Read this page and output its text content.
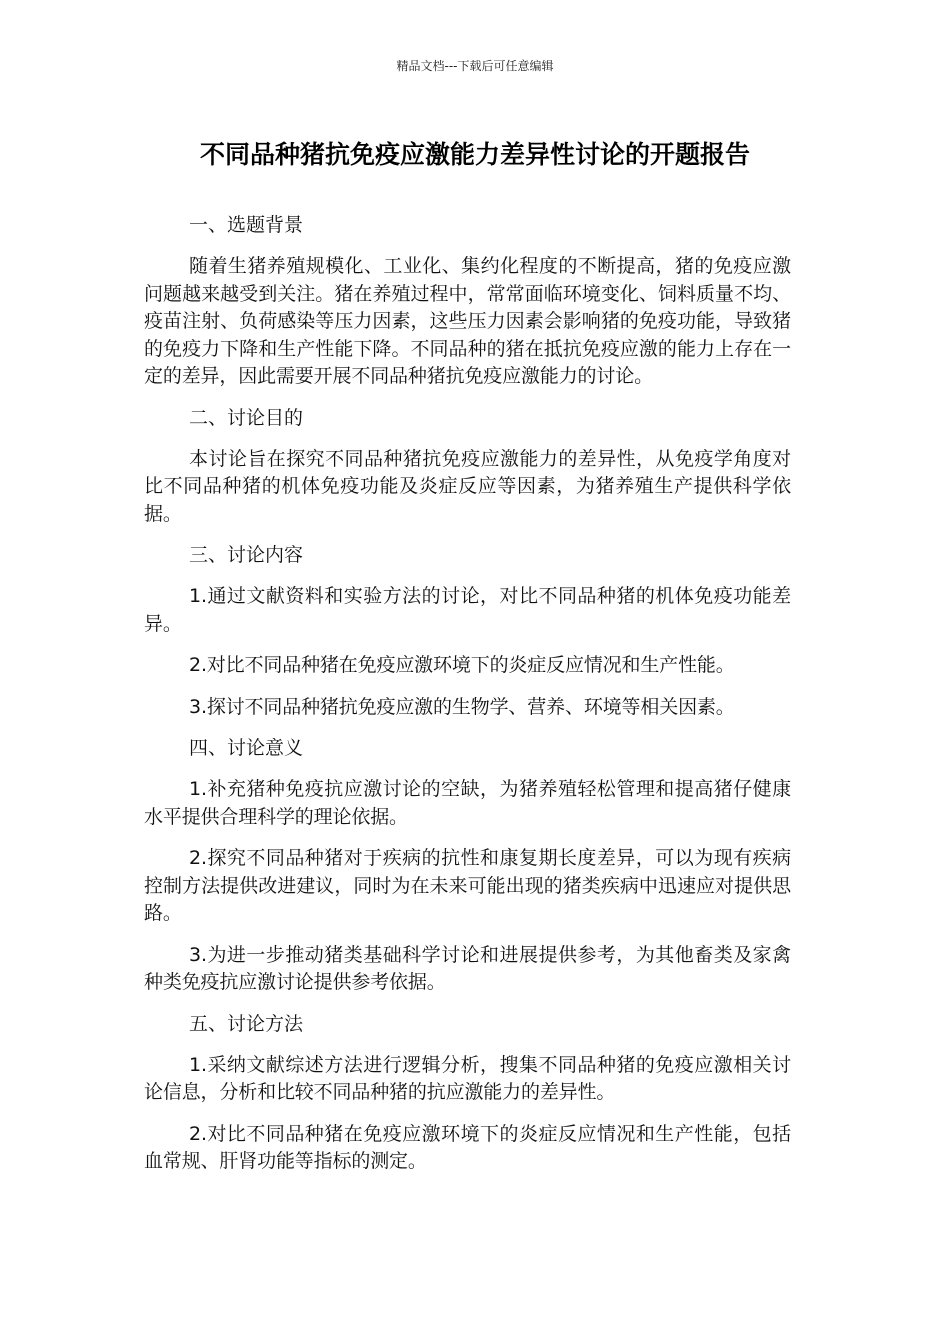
精品文档---下载后可任意编辑
不同品种猪抗免疫应激能力差异性讨论的开题报告
一、选题背景

随着生猪养殖规模化、工业化、集约化程度的不断提高，猪的免疫应激问题越来越受到关注。猪在养殖过程中，常常面临环境变化、饲料质量不均、疫苗注射、负荷感染等压力因素，这些压力因素会影响猪的免疫功能，导致猪的免疫力下降和生产性能下降。不同品种的猪在抵抗免疫应激的能力上存在一定的差异，因此需要开展不同品种猪抗免疫应激能力的讨论。

二、讨论目的

本讨论旨在探究不同品种猪抗免疫应激能力的差异性，从免疫学角度对比不同品种猪的机体免疫功能及炎症反应等因素，为猪养殖生产提供科学依据。

三、讨论内容

1.通过文献资料和实验方法的讨论，对比不同品种猪的机体免疫功能差异。

2.对比不同品种猪在免疫应激环境下的炎症反应情况和生产性能。

3.探讨不同品种猪抗免疫应激的生物学、营养、环境等相关因素。

四、讨论意义

1.补充猪种免疫抗应激讨论的空缺，为猪养殖轻松管理和提高猪仔健康水平提供合理科学的理论依据。

2.探究不同品种猪对于疾病的抗性和康复期长度差异，可以为现有疾病控制方法提供改进建议，同时为在未来可能出现的猪类疾病中迅速应对提供思路。

3.为进一步推动猪类基础科学讨论和进展提供参考，为其他畜类及家禽种类免疫抗应激讨论提供参考依据。

五、讨论方法

1.采纳文献综述方法进行逻辑分析，搜集不同品种猪的免疫应激相关讨论信息，分析和比较不同品种猪的抗应激能力的差异性。

2.对比不同品种猪在免疫应激环境下的炎症反应情况和生产性能，包括血常规、肝肾功能等指标的测定。
